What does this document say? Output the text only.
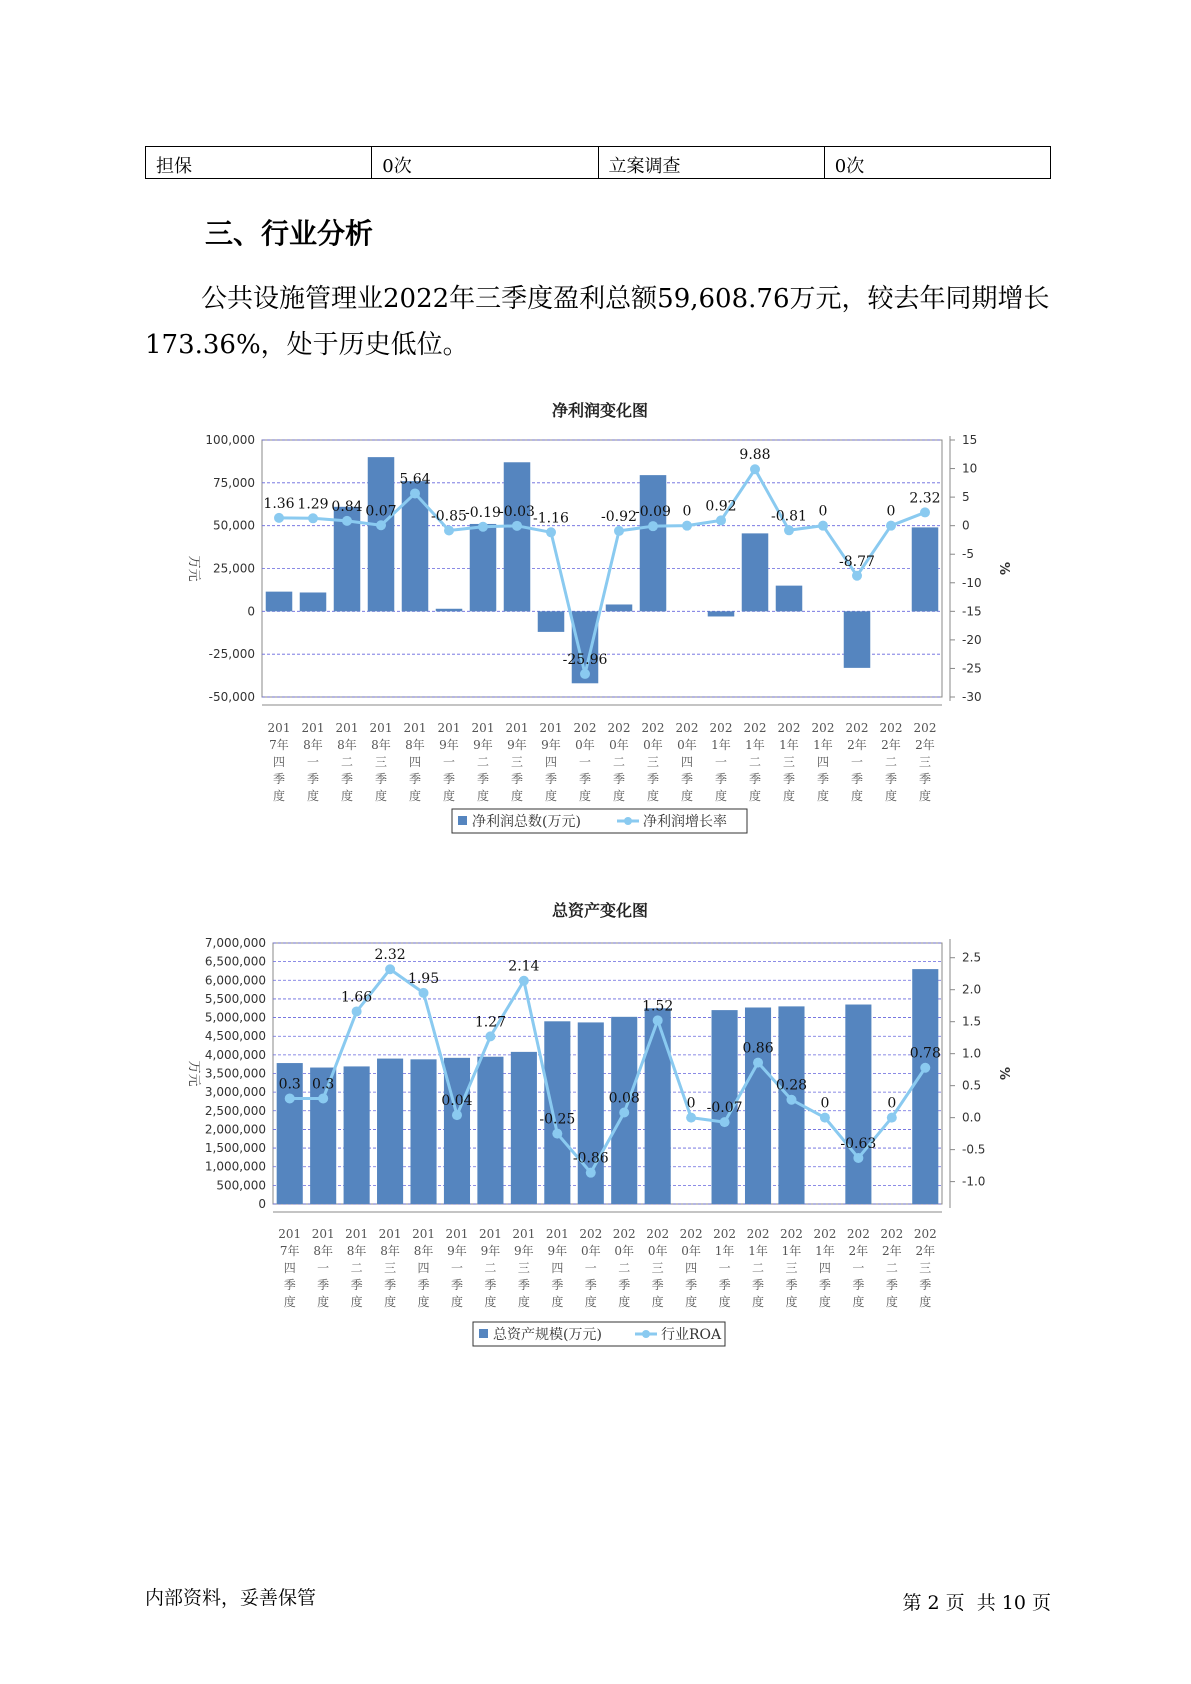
担保	0次	立案调查	0次
三、行业分析

公共设施管理业2022年三季度盈利总额59,608.76万元，较去年同期增长173.36%，处于历史低位。

净利润变化图
-50,000
-25,000
0
25,000
50,000
75,000
100,000
-30
-25
-20
-15
-10
-5
0
5
10
15
万元	%
1.36 1.29 0.84 0.07
5.64
-0.85
-0.19
-0.03
-1.16
-25.96
-0.92
-0.09 0 0.92
9.88
-0.81 0
-8.77
0
2.32
201
7年
四
季
度
201
8年
一
季
度
201
8年
二
季
度
201
8年
三
季
度
201
8年
四
季
度
201
9年
一
季
度
201
9年
二
季
度
201
9年
三
季
度
201
9年
四
季
度
202
0年
一
季
度
202
0年
二
季
度
202
0年
三
季
度
202
0年
四
季
度
202
1年
一
季
度
202
1年
二
季
度
202
1年
三
季
度
202
1年
四
季
度
202
2年
一
季
度
202
2年
二
季
度
202
2年
三
季
度
净利润总数(万元)	净利润增长率
总资产变化图
0
500,000
1,000,000
1,500,000
2,000,000
2,500,000
3,000,000
3,500,000
4,000,000
4,500,000
5,000,000
5,500,000
6,000,000
6,500,000
7,000,000
-1.0
-0.5
0.0
0.5
1.0
1.5
2.0
2.5
万元	%
0.3 0.3
1.66
2.32
1.95
0.04
1.27
2.14
-0.25
-0.86
0.08
1.52
0 -0.07
0.86
0.28
0
-0.63
0
0.78
201
7年
四
季
度
201
8年
一
季
度
201
8年
二
季
度
201
8年
三
季
度
201
8年
四
季
度
201
9年
一
季
度
201
9年
二
季
度
201
9年
三
季
度
201
9年
四
季
度
202
0年
一
季
度
202
0年
二
季
度
202
0年
三
季
度
202
0年
四
季
度
202
1年
一
季
度
202
1年
二
季
度
202
1年
三
季
度
202
1年
四
季
度
202
2年
一
季
度
202
2年
二
季
度
202
2年
三
季
度
总资产规模(万元)	行业ROA
内部资料，妥善保管	第 2 页  共 10 页
